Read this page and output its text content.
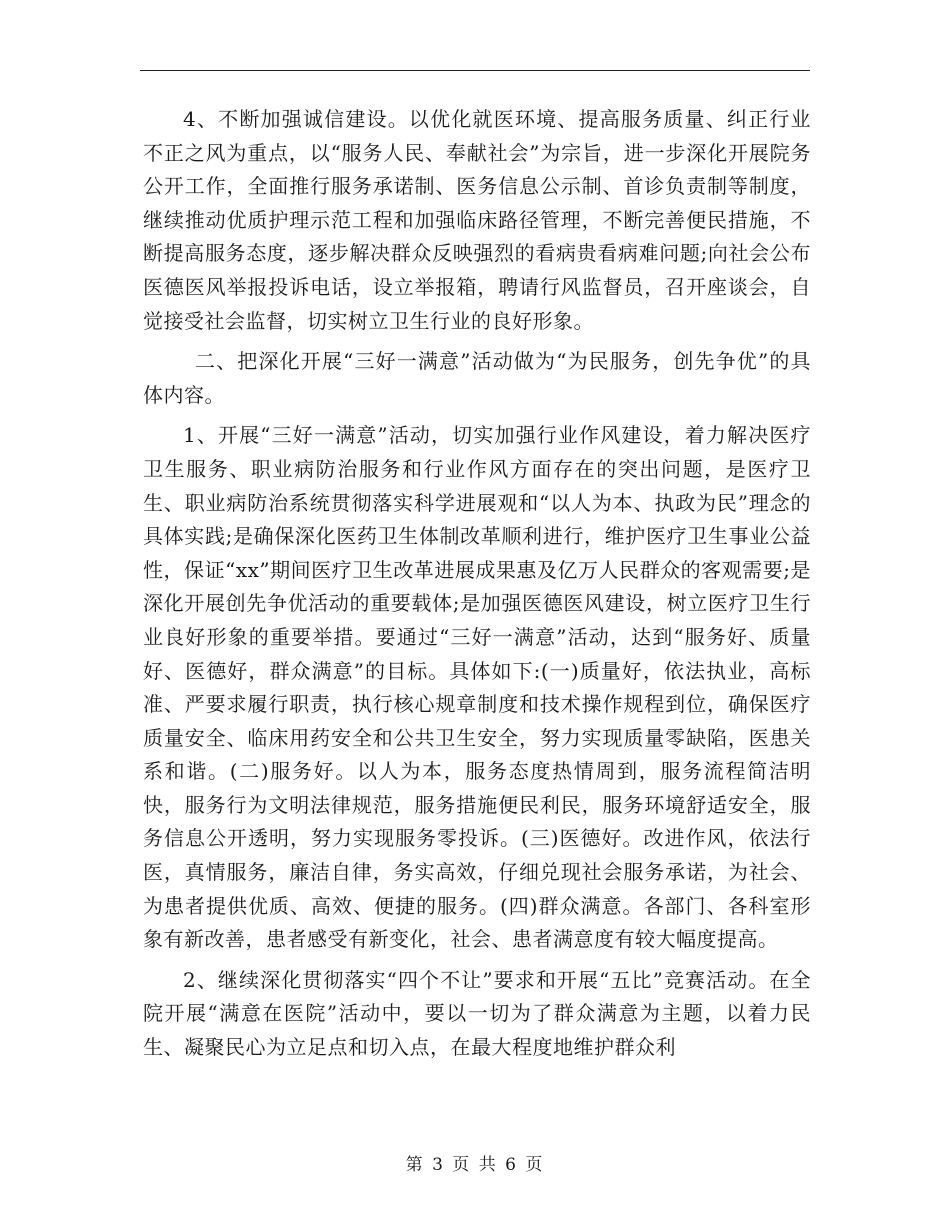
4、不断加强诚信建设。以优化就医环境、提高服务质量、纠正行业不正之风为重点，以“服务人民、奉献社会”为宗旨，进一步深化开展院务公开工作，全面推行服务承诺制、医务信息公示制、首诊负责制等制度，继续推动优质护理示范工程和加强临床路径管理，不断完善便民措施，不断提高服务态度，逐步解决群众反映强烈的看病贵看病难问题;向社会公布医德医风举报投诉电话，设立举报箱，聘请行风监督员，召开座谈会，自觉接受社会监督，切实树立卫生行业的良好形象。

二、把深化开展“三好一满意”活动做为“为民服务，创先争优”的具体内容。

1、开展“三好一满意”活动，切实加强行业作风建设，着力解决医疗卫生服务、职业病防治服务和行业作风方面存在的突出问题，是医疗卫生、职业病防治系统贯彻落实科学进展观和“以人为本、执政为民”理念的具体实践;是确保深化医药卫生体制改革顺利进行，维护医疗卫生事业公益性，保证“xx”期间医疗卫生改革进展成果惠及亿万人民群众的客观需要;是深化开展创先争优活动的重要载体;是加强医德医风建设，树立医疗卫生行业良好形象的重要举措。要通过“三好一满意”活动，达到“服务好、质量好、医德好，群众满意”的目标。具体如下:(一)质量好，依法执业，高标准、严要求履行职责，执行核心规章制度和技术操作规程到位，确保医疗质量安全、临床用药安全和公共卫生安全，努力实现质量零缺陷，医患关系和谐。(二)服务好。以人为本，服务态度热情周到，服务流程简洁明快，服务行为文明法律规范，服务措施便民利民，服务环境舒适安全，服务信息公开透明，努力实现服务零投诉。(三)医德好。改进作风，依法行医，真情服务，廉洁自律，务实高效，仔细兑现社会服务承诺，为社会、为患者提供优质、高效、便捷的服务。(四)群众满意。各部门、各科室形象有新改善，患者感受有新变化，社会、患者满意度有较大幅度提高。

2、继续深化贯彻落实“四个不让”要求和开展“五比”竞赛活动。在全院开展“满意在医院”活动中，要以一切为了群众满意为主题，以着力民生、凝聚民心为立足点和切入点，在最大程度地维护群众利

第 3 页 共 6 页
